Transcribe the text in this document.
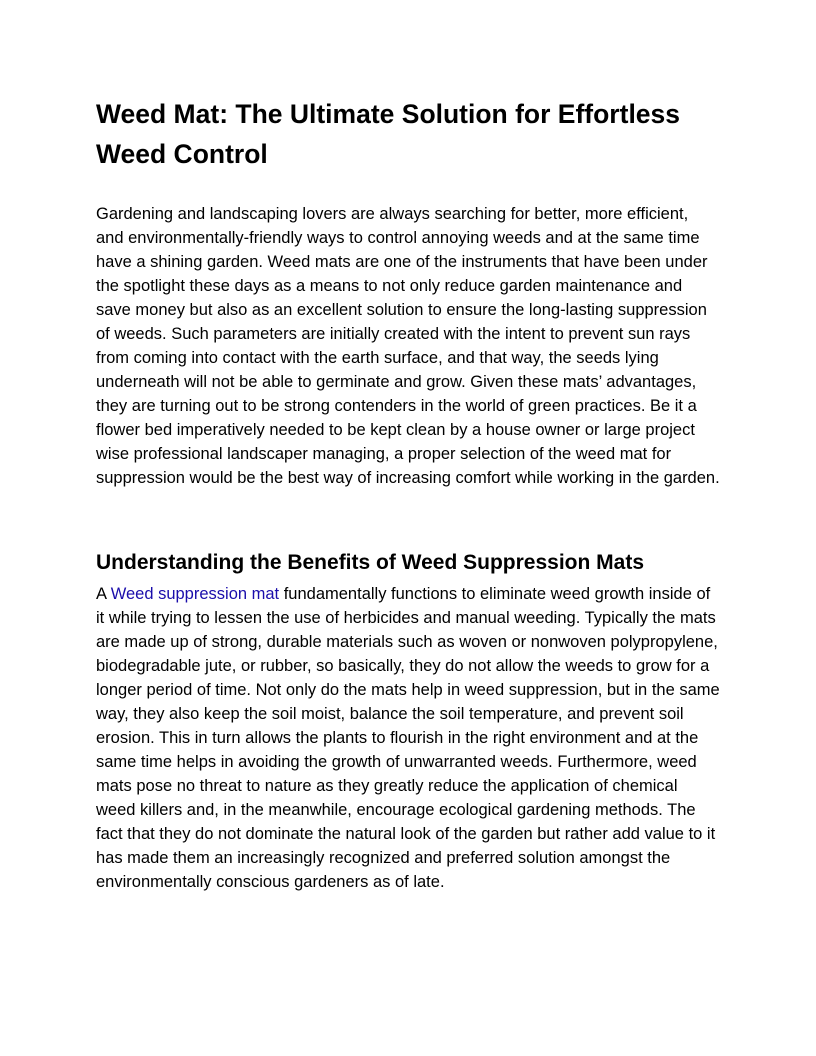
Weed Mat: The Ultimate Solution for Effortless Weed Control

Gardening and landscaping lovers are always searching for better, more efficient, and environmentally-friendly ways to control annoying weeds and at the same time have a shining garden. Weed mats are one of the instruments that have been under the spotlight these days as a means to not only reduce garden maintenance and save money but also as an excellent solution to ensure the long-lasting suppression of weeds. Such parameters are initially created with the intent to prevent sun rays from coming into contact with the earth surface, and that way, the seeds lying underneath will not be able to germinate and grow. Given these mats’ advantages, they are turning out to be strong contenders in the world of green practices. Be it a flower bed imperatively needed to be kept clean by a house owner or large project wise professional landscaper managing, a proper selection of the weed mat for suppression would be the best way of increasing comfort while working in the garden.

Understanding the Benefits of Weed Suppression Mats

A Weed suppression mat fundamentally functions to eliminate weed growth inside of it while trying to lessen the use of herbicides and manual weeding. Typically the mats are made up of strong, durable materials such as woven or nonwoven polypropylene, biodegradable jute, or rubber, so basically, they do not allow the weeds to grow for a longer period of time. Not only do the mats help in weed suppression, but in the same way, they also keep the soil moist, balance the soil temperature, and prevent soil erosion. This in turn allows the plants to flourish in the right environment and at the same time helps in avoiding the growth of unwarranted weeds. Furthermore, weed mats pose no threat to nature as they greatly reduce the application of chemical weed killers and, in the meanwhile, encourage ecological gardening methods. The fact that they do not dominate the natural look of the garden but rather add value to it has made them an increasingly recognized and preferred solution amongst the environmentally conscious gardeners as of late.
